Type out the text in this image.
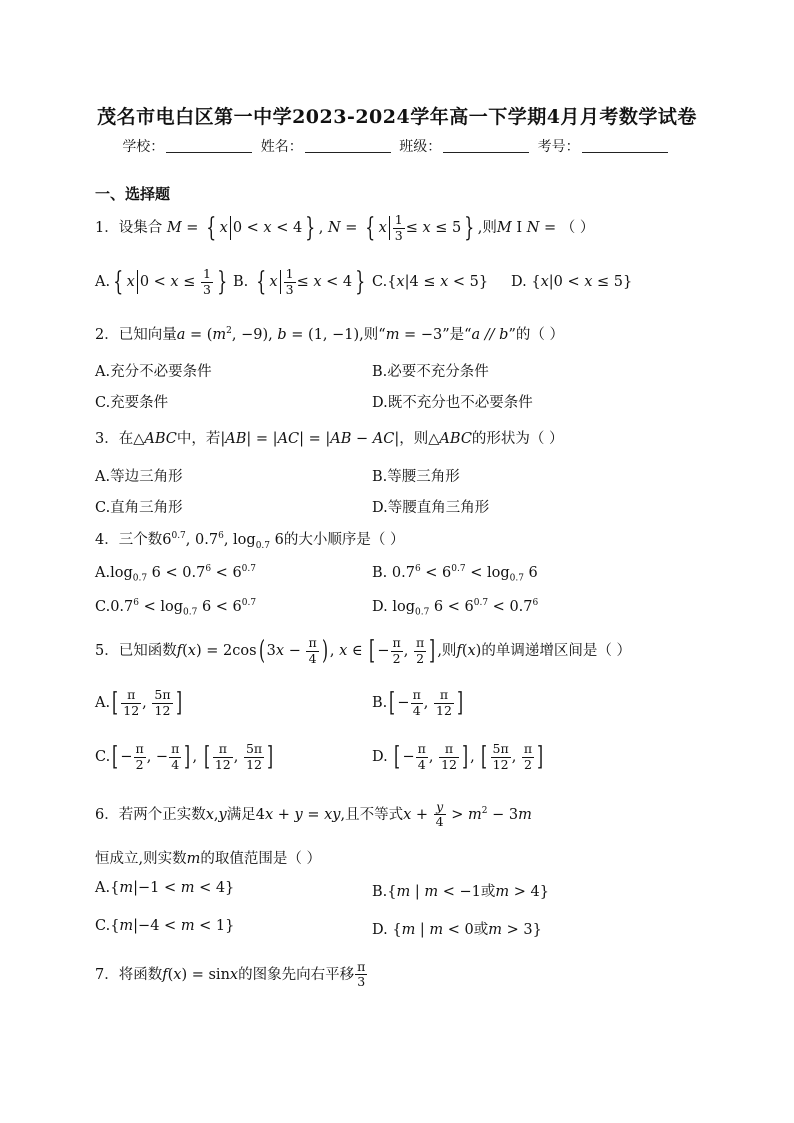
茂名市电白区第一中学2023-2024学年高一下学期4月月考数学试卷
学校：	姓名：	班级：	考号：
一、选择题
1．设集合 M = { x 0 < x < 4 } , N = { x $\frac{1}{3} \le x \le 5$ } ,则M I N = （ ）
A. { x $0 < x \le \frac{1}{3}$ } B. { x $\frac{1}{3} \le x < 4$ } C.{x|4 ≤ x < 5} D. {x|0 < x ≤ 5}
2．已知向量$a = (m^2$, −9), b = (1, −1),则“m = −3”是“a // b”的（ ）
A.充分不必要条件	B.必要不充分条件
C.充要条件	D.既不充分也不必要条件
3．在△ABC中，若|AB| = |AC| = |AB − AC|，则△ABC的形状为（ ）
A.等边三角形	B.等腰三角形
C.直角三角形	D.等腰直角三角形
4．三个数$6^{0.7}$, $0.7^6$, $\log_{0.7} 6$的大小顺序是（ ）
$A.\log_{0.7}$ $6 < 0.7^6 < 6^{0.7}$	B. $0.7^6 < 6^{0.7} < \log_{0.7} 6$
$C.0.7^6 < \log_{0.7} 6 < 6^{0.7}$	D. $\log_{0.7} 6 < 6^{0.7} < 0.7^6$
5．已知函数f(x) = 2cos( $3x - \frac{\pi}{4}$ ) , x ∈ [ − $\frac{\pi}{2}$ , $\frac{\pi}{2}$ ] ,则f(x)的单调递增区间是（ ）
$A.[ \frac{\pi}{12}$ , $\frac{5\pi}{12}$ ]	$B.[ - \frac{\pi}{4}$ , $\frac{\pi}{12}$ ]
$C.[ - \frac{\pi}{2}$ , − $\frac{\pi}{4}$ ] , [ $\frac{\pi}{12}$ , $\frac{5\pi}{12}$ ]	D. [ − $\frac{\pi}{4}$ , $\frac{\pi}{12}$ ] , [ $\frac{5\pi}{12}$ , $\frac{\pi}{2}$ ]
6．若两个正实数x,y满足4x + y = xy,且不等式$x + \frac{y}{4} > m^2 - 3m$
恒成立,则实数m的取值范围是（ ）
A.{m|−1 < m < 4}	B.{m | m < −1或m > 4}
C.{m|−4 < m < 1}	D. {m | m < 0或m > 3}
7．将函数f(x) = sinx的图象先向右平移 $\frac{\pi}{3}$
